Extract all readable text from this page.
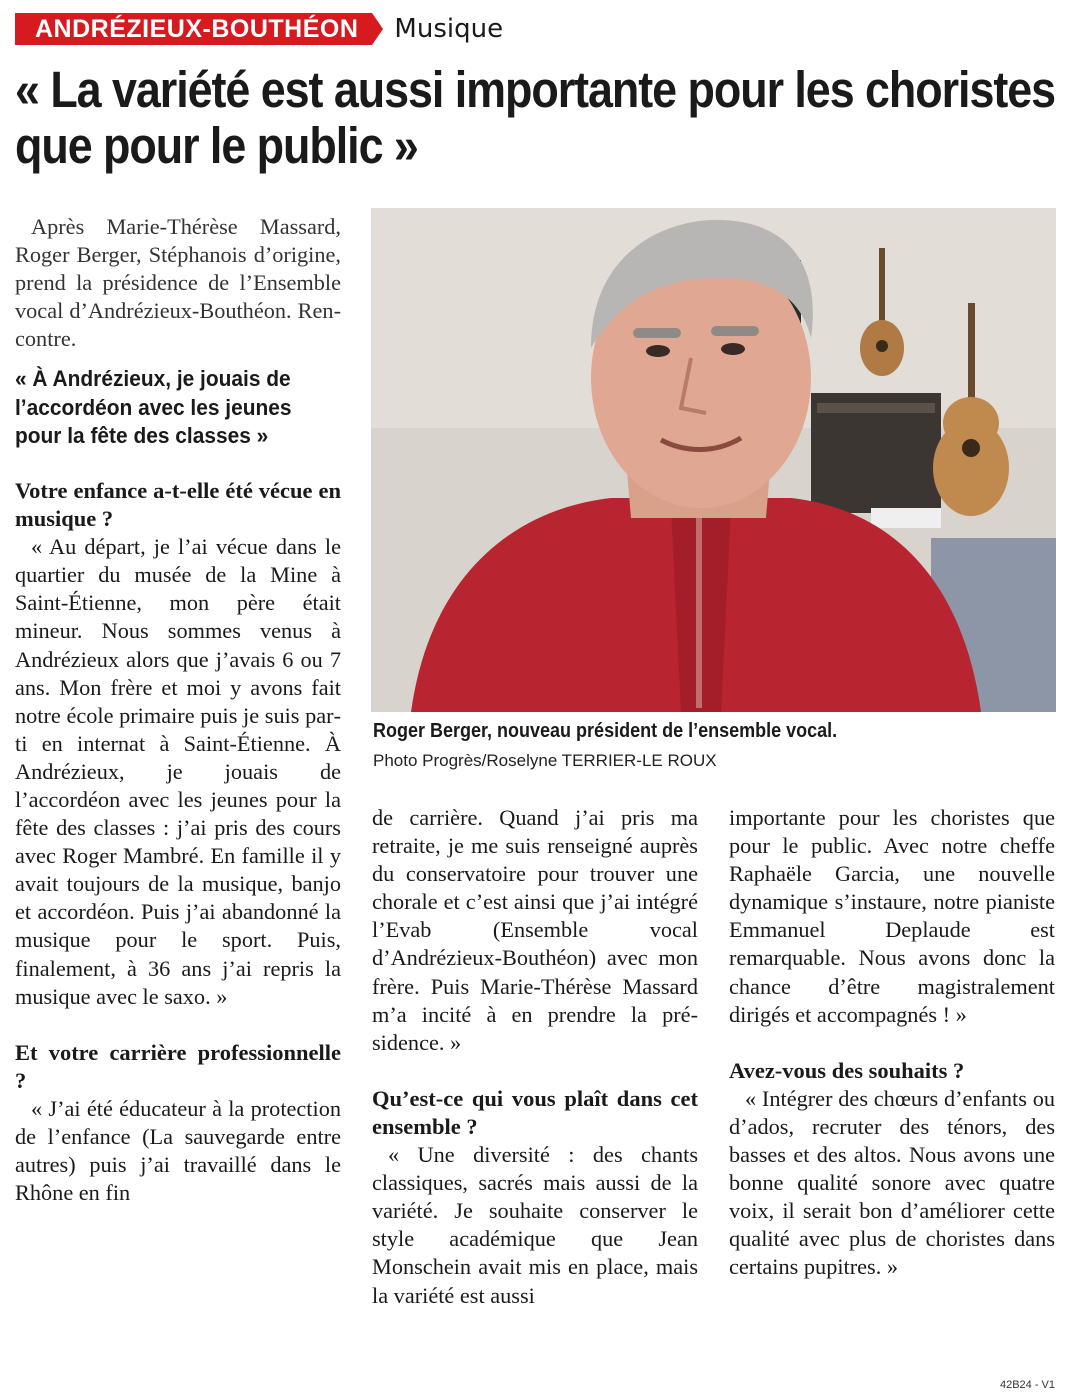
ANDRÉZIEUX-BOUTHÉON	Musique
« La variété est aussi importante pour les choristes que pour le public »
Roger Berger, nouveau président de l’ensemble vocal.
Photo Progrès/Roselyne TERRIER-LE ROUX

Après Marie-Thérèse Massard, Roger Berger, Stéphanois d’origine, prend la présidence de l’Ensemble vocal d’Andrézieux-Bouthéon. Rencontre.

« À Andrézieux, je jouais de l’accordéon avec les jeunes pour la fête des classes »

Votre enfance a-t-elle été vécue en musique ?

« Au départ, je l’ai vécue dans le quartier du musée de la Mine à Saint-Étienne, mon père était mineur. Nous sommes venus à Andrézieux alors que j’avais 6 ou 7 ans. Mon frère et moi y avons fait notre école primaire puis je suis parti en internat à Saint-Étienne. À Andrézieux, je jouais de l’accordéon avec les jeunes pour la fête des classes : j’ai pris des cours avec Roger Mambré. En famille il y avait toujours de la musique, banjo et accordéon. Puis j’ai abandonné la musique pour le sport. Puis, finalement, à 36 ans j’ai repris la musique avec le saxo. »

Et votre carrière professionnelle ?

« J’ai été éducateur à la protection de l’enfance (La sauvegarde entre autres) puis j’ai travaillé dans le Rhône en fin

de carrière. Quand j’ai pris ma retraite, je me suis renseigné auprès du conservatoire pour trouver une chorale et c’est ainsi que j’ai intégré l’Evab (Ensemble vocal d’Andrézieux-Bouthéon) avec mon frère. Puis Marie-Thérèse Massard m’a incité à en prendre la présidence. »

Qu’est-ce qui vous plaît dans cet ensemble ?

« Une diversité : des chants classiques, sacrés mais aussi de la variété. Je souhaite conserver le style académique que Jean Monschein avait mis en place, mais la variété est aussi

importante pour les choristes que pour le public. Avec notre cheffe Raphaële Garcia, une nouvelle dynamique s’instaure, notre pianiste Emmanuel Deplaude est remarquable. Nous avons donc la chance d’être magistralement dirigés et accompagnés ! »

Avez-vous des souhaits ?

« Intégrer des chœurs d’enfants ou d’ados, recruter des ténors, des basses et des altos. Nous avons une bonne qualité sonore avec quatre voix, il serait bon d’améliorer cette qualité avec plus de choristes dans certains pupitres. »

42B24 - V1
